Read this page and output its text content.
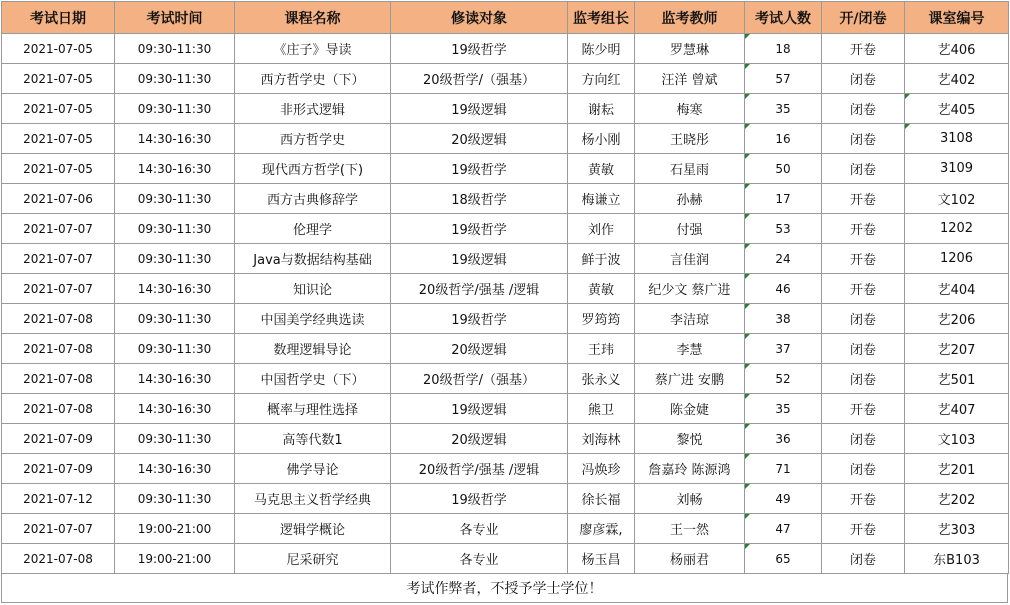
考试日期	考试时间	课程名称	修读对象	监考组长	监考教师	考试人数	开/闭卷	课室编号
2021-07-05	09:30-11:30	《庄子》导读	19级哲学	陈少明	罗慧琳	18	开卷	艺406
2021-07-05	09:30-11:30	西方哲学史（下）	20级哲学/（强基）	方向红	汪洋 曾斌	57	闭卷	艺402
2021-07-05	09:30-11:30	非形式逻辑	19级逻辑	谢耘	梅寒	35	闭卷	艺405
2021-07-05	14:30-16:30	西方哲学史	20级逻辑	杨小刚	王晓彤	16	闭卷	3108
2021-07-05	14:30-16:30	现代西方哲学(下)	19级哲学	黄敏	石星雨	50	闭卷	3109
2021-07-06	09:30-11:30	西方古典修辞学	18级哲学	梅谦立	孙赫	17	开卷	文102
2021-07-07	09:30-11:30	伦理学	19级哲学	刘作	付强	53	开卷	1202
2021-07-07	09:30-11:30	Java与数据结构基础	19级逻辑	鲜于波	言佳润	24	开卷	1206
2021-07-07	14:30-16:30	知识论	20级哲学/强基 /逻辑	黄敏	纪少文 蔡广进	46	开卷	艺404
2021-07-08	09:30-11:30	中国美学经典选读	19级哲学	罗筠筠	李洁琼	38	闭卷	艺206
2021-07-08	09:30-11:30	数理逻辑导论	20级逻辑	王玮	李慧	37	闭卷	艺207
2021-07-08	14:30-16:30	中国哲学史（下）	20级哲学/（强基）	张永义	蔡广进 安鹏	52	闭卷	艺501
2021-07-08	14:30-16:30	概率与理性选择	19级逻辑	熊卫	陈金婕	35	开卷	艺407
2021-07-09	09:30-11:30	高等代数1	20级逻辑	刘海林	黎悦	36	闭卷	文103
2021-07-09	14:30-16:30	佛学导论	20级哲学/强基 /逻辑	冯焕珍	詹嘉玲 陈源鸿	71	闭卷	艺201
2021-07-12	09:30-11:30	马克思主义哲学经典	19级哲学	徐长福	刘畅	49	开卷	艺202
2021-07-07	19:00-21:00	逻辑学概论	各专业	廖彦霖,	王一然	47	开卷	艺303
2021-07-08	19:00-21:00	尼采研究	各专业	杨玉昌	杨丽君	65	闭卷	东B103
考试作弊者，不授予学士学位！
